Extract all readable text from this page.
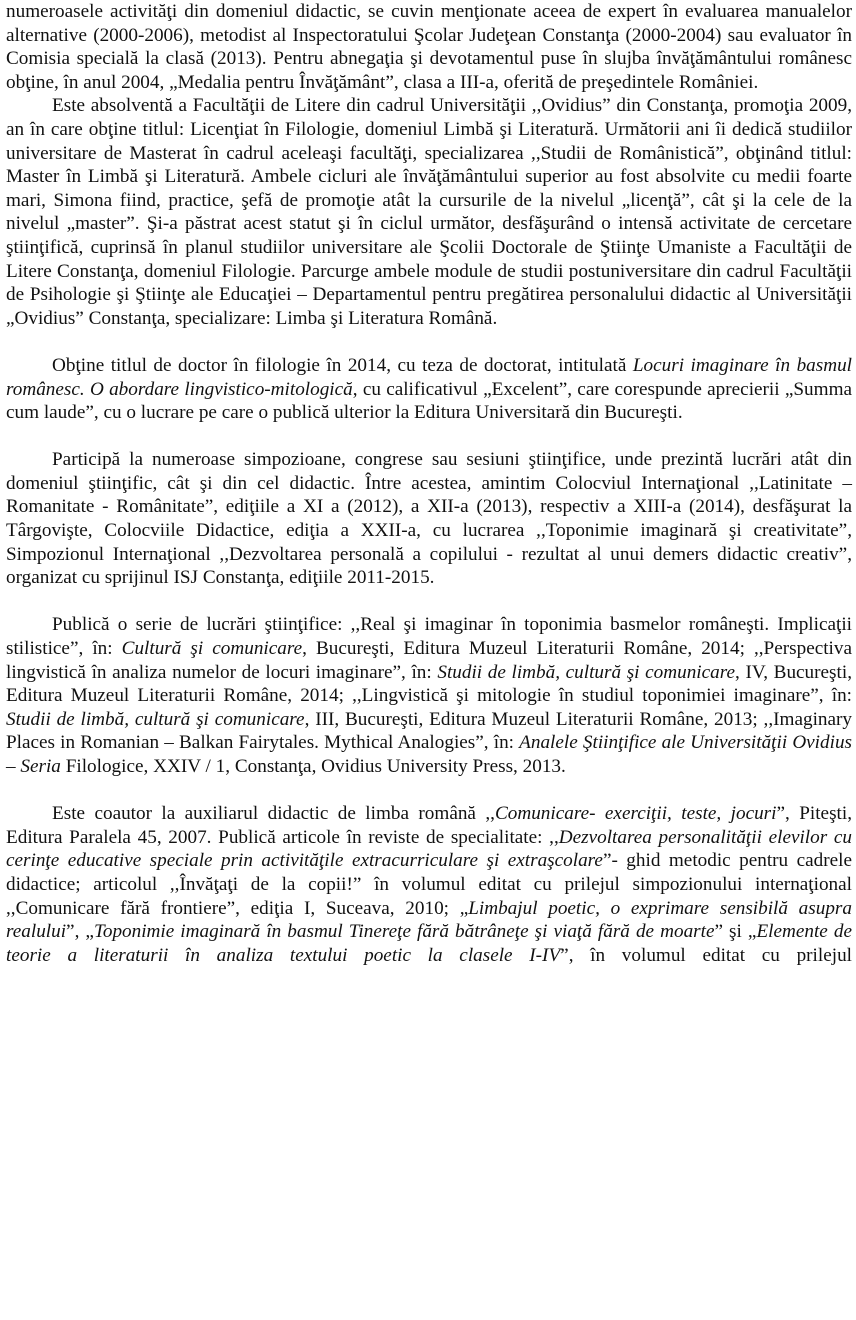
numeroasele activităţi din domeniul didactic, se cuvin menţionate aceea de expert în evaluarea manualelor alternative (2000-2006), metodist al Inspectoratului Şcolar Judeţean Constanţa (2000-2004) sau evaluator în Comisia specială la clasă (2013). Pentru abnegaţia şi devotamentul puse în slujba învăţământului românesc obţine, în anul 2004, „Medalia pentru Învăţământ”, clasa a III-a, oferită de preşedintele României.

Este absolventă a Facultăţii de Litere din cadrul Universităţii ,,Ovidius” din Constanţa, promoţia 2009, an în care obţine titlul: Licenţiat în Filologie, domeniul Limbă şi Literatură. Următorii ani îi dedică studiilor universitare de Masterat în cadrul aceleaşi facultăţi, specializarea ,,Studii de Românistică”, obţinând titlul: Master în Limbă şi Literatură. Ambele cicluri ale învăţământului superior au fost absolvite cu medii foarte mari, Simona fiind, practice, şefă de promoţie atât la cursurile de la nivelul „licenţă”, cât şi la cele de la nivelul „master”. Şi-a păstrat acest statut şi în ciclul următor, desfăşurând o intensă activitate de cercetare ştiinţifică, cuprinsă în planul studiilor universitare ale Şcolii Doctorale de Ştiinţe Umaniste a Facultăţii de Litere Constanţa, domeniul Filologie. Parcurge ambele module de studii postuniversitare din cadrul Facultăţii de Psihologie şi Ştiinţe ale Educaţiei – Departamentul pentru pregătirea personalului didactic al Universităţii „Ovidius” Constanţa, specializare: Limba şi Literatura Română.

Obţine titlul de doctor în filologie în 2014, cu teza de doctorat, intitulată Locuri imaginare în basmul românesc. O abordare lingvistico-mitologică, cu calificativul „Excelent”, care corespunde aprecierii „Summa cum laude”, cu o lucrare pe care o publică ulterior la Editura Universitară din Bucureşti.

Participă la numeroase simpozioane, congrese sau sesiuni ştiinţifice, unde prezintă lucrări atât din domeniul ştiinţific, cât şi din cel didactic. Între acestea, amintim Colocviul Internaţional ,,Latinitate – Romanitate - Românitate”, ediţiile a XI a (2012), a XII-a (2013), respectiv a XIII-a (2014), desfăşurat la Târgovişte, Colocviile Didactice, ediţia a XXII-a, cu lucrarea ,,Toponimie imaginară şi creativitate”, Simpozionul Internaţional ,,Dezvoltarea personală a copilului - rezultat al unui demers didactic creativ”, organizat cu sprijinul ISJ Constanţa, ediţiile 2011-2015.

Publică o serie de lucrări ştiinţifice: ,,Real şi imaginar în toponimia basmelor româneşti. Implicaţii stilistice”, în: Cultură şi comunicare, Bucureşti, Editura Muzeul Literaturii Române, 2014; ,,Perspectiva lingvistică în analiza numelor de locuri imaginare”, în: Studii de limbă, cultură şi comunicare, IV, Bucureşti, Editura Muzeul Literaturii Române, 2014; ,,Lingvistică şi mitologie în studiul toponimiei imaginare”, în: Studii de limbă, cultură şi comunicare, III, Bucureşti, Editura Muzeul Literaturii Române, 2013; ,,Imaginary Places in Romanian – Balkan Fairytales. Mythical Analogies”, în: Analele Ştiinţifice ale Universităţii Ovidius – Seria Filologice, XXIV / 1, Constanţa, Ovidius University Press, 2013.

Este coautor la auxiliarul didactic de limba română ,,Comunicare- exerciţii, teste, jocuri”, Piteşti, Editura Paralela 45, 2007. Publică articole în reviste de specialitate: ,,Dezvoltarea personalităţii elevilor cu cerinţe educative speciale prin activităţile extracurriculare şi extraşcolare”- ghid metodic pentru cadrele didactice; articolul ,,Învăţaţi de la copii!” în volumul editat cu prilejul simpozionului internaţional ,,Comunicare fără frontiere”, ediţia I, Suceava, 2010; „Limbajul poetic, o exprimare sensibilă asupra realului”, „Toponimie imaginară în basmul Tinereţe fără bătrâneţe şi viaţă fără de moarte” şi „Elemente de teorie a literaturii în analiza textului poetic la clasele I-IV”, în volumul editat cu prilejul
